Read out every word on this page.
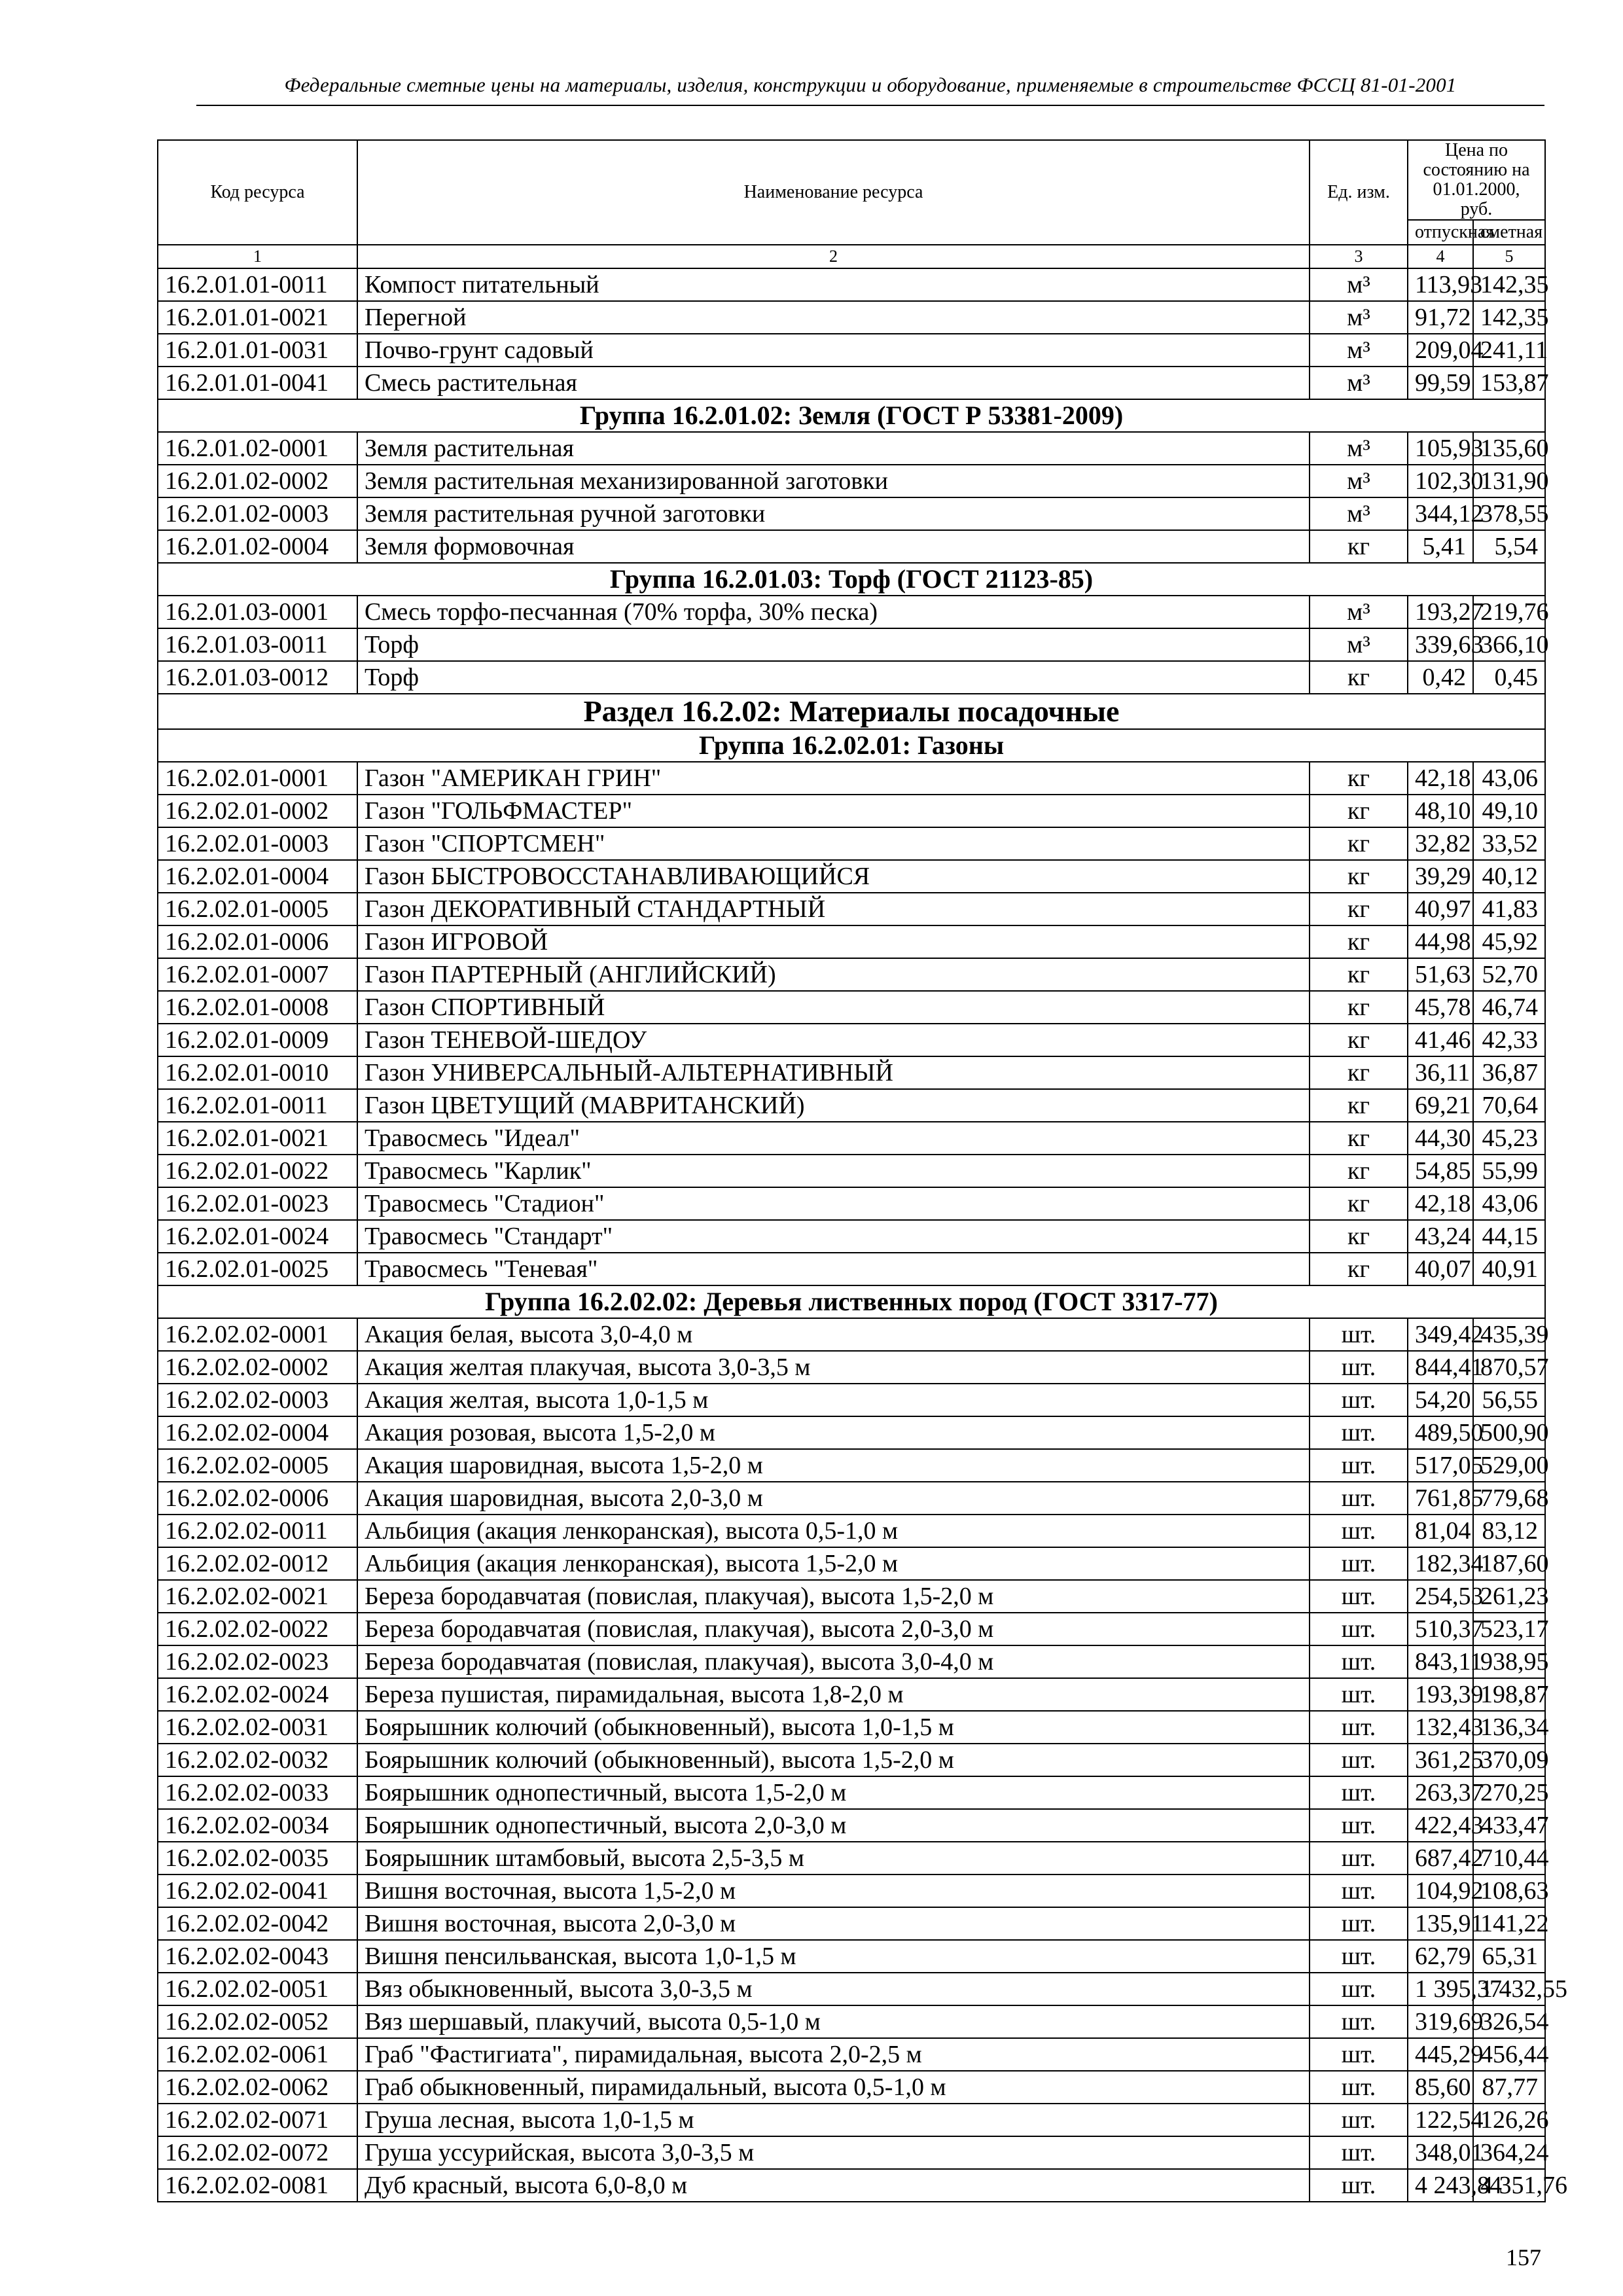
Федеральные сметные цены на материалы, изделия, конструкции и оборудование, применяемые в строительстве ФССЦ 81-01-2001
Код ресурса	Наименование ресурса	Ед. изм.	Цена по состоянию на 01.01.2000, руб.	

			отпускная	сметная
1	2	3	4	5
16.2.01.01-0011	Компост питательный	м³	113,93	142,35
16.2.01.01-0021	Перегной	м³	91,72	142,35
16.2.01.01-0031	Почво-грунт садовый	м³	209,04	241,11
16.2.01.01-0041	Смесь растительная	м³	99,59	153,87
Группа 16.2.01.02: Земля (ГОСТ Р 53381-2009)				
16.2.01.02-0001	Земля растительная	м³	105,93	135,60
16.2.01.02-0002	Земля растительная механизированной заготовки	м³	102,30	131,90
16.2.01.02-0003	Земля растительная ручной заготовки	м³	344,12	378,55
16.2.01.02-0004	Земля формовочная	кг	5,41	5,54
Группа 16.2.01.03: Торф (ГОСТ 21123-85)				
16.2.01.03-0001	Смесь торфо-песчанная (70% торфа, 30% песка)	м³	193,27	219,76
16.2.01.03-0011	Торф	м³	339,63	366,10
16.2.01.03-0012	Торф	кг	0,42	0,45
Раздел 16.2.02: Материалы посадочные				
Группа 16.2.02.01: Газоны				
16.2.02.01-0001	Газон "АМЕРИКАН ГРИН"	кг	42,18	43,06
16.2.02.01-0002	Газон "ГОЛЬФМАСТЕР"	кг	48,10	49,10
16.2.02.01-0003	Газон "СПОРТСМЕН"	кг	32,82	33,52
16.2.02.01-0004	Газон БЫСТРОВОССТАНАВЛИВАЮЩИЙСЯ	кг	39,29	40,12
16.2.02.01-0005	Газон ДЕКОРАТИВНЫЙ СТАНДАРТНЫЙ	кг	40,97	41,83
16.2.02.01-0006	Газон ИГРОВОЙ	кг	44,98	45,92
16.2.02.01-0007	Газон ПАРТЕРНЫЙ (АНГЛИЙСКИЙ)	кг	51,63	52,70
16.2.02.01-0008	Газон СПОРТИВНЫЙ	кг	45,78	46,74
16.2.02.01-0009	Газон ТЕНЕВОЙ-ШЕДОУ	кг	41,46	42,33
16.2.02.01-0010	Газон УНИВЕРСАЛЬНЫЙ-АЛЬТЕРНАТИВНЫЙ	кг	36,11	36,87
16.2.02.01-0011	Газон ЦВЕТУЩИЙ (МАВРИТАНСКИЙ)	кг	69,21	70,64
16.2.02.01-0021	Травосмесь "Идеал"	кг	44,30	45,23
16.2.02.01-0022	Травосмесь "Карлик"	кг	54,85	55,99
16.2.02.01-0023	Травосмесь "Стадион"	кг	42,18	43,06
16.2.02.01-0024	Травосмесь "Стандарт"	кг	43,24	44,15
16.2.02.01-0025	Травосмесь "Теневая"	кг	40,07	40,91
Группа 16.2.02.02: Деревья лиственных пород (ГОСТ 3317-77)				
16.2.02.02-0001	Акация белая, высота 3,0-4,0 м	шт.	349,42	435,39
16.2.02.02-0002	Акация желтая плакучая, высота 3,0-3,5 м	шт.	844,41	870,57
16.2.02.02-0003	Акация желтая, высота 1,0-1,5 м	шт.	54,20	56,55
16.2.02.02-0004	Акация розовая, высота 1,5-2,0 м	шт.	489,50	500,90
16.2.02.02-0005	Акация шаровидная, высота 1,5-2,0 м	шт.	517,05	529,00
16.2.02.02-0006	Акация шаровидная, высота 2,0-3,0 м	шт.	761,85	779,68
16.2.02.02-0011	Альбиция (акация ленкоранская), высота 0,5-1,0 м	шт.	81,04	83,12
16.2.02.02-0012	Альбиция (акация ленкоранская), высота 1,5-2,0 м	шт.	182,34	187,60
16.2.02.02-0021	Береза бородавчатая (повислая, плакучая), высота 1,5-2,0 м	шт.	254,53	261,23
16.2.02.02-0022	Береза бородавчатая (повислая, плакучая), высота 2,0-3,0 м	шт.	510,37	523,17
16.2.02.02-0023	Береза бородавчатая (повислая, плакучая), высота 3,0-4,0 м	шт.	843,11	938,95
16.2.02.02-0024	Береза пушистая, пирамидальная, высота 1,8-2,0 м	шт.	193,39	198,87
16.2.02.02-0031	Боярышник колючий (обыкновенный), высота 1,0-1,5 м	шт.	132,43	136,34
16.2.02.02-0032	Боярышник колючий (обыкновенный), высота 1,5-2,0 м	шт.	361,25	370,09
16.2.02.02-0033	Боярышник однопестичный, высота 1,5-2,0 м	шт.	263,37	270,25
16.2.02.02-0034	Боярышник однопестичный, высота 2,0-3,0 м	шт.	422,43	433,47
16.2.02.02-0035	Боярышник штамбовый, высота 2,5-3,5 м	шт.	687,42	710,44
16.2.02.02-0041	Вишня восточная, высота 1,5-2,0 м	шт.	104,92	108,63
16.2.02.02-0042	Вишня восточная, высота 2,0-3,0 м	шт.	135,91	141,22
16.2.02.02-0043	Вишня пенсильванская, высота 1,0-1,5 м	шт.	62,79	65,31
16.2.02.02-0051	Вяз обыкновенный, высота 3,0-3,5 м	шт.	1 395,37	1 432,55
16.2.02.02-0052	Вяз шершавый, плакучий, высота 0,5-1,0 м	шт.	319,69	326,54
16.2.02.02-0061	Граб "Фастигиата", пирамидальная, высота 2,0-2,5 м	шт.	445,29	456,44
16.2.02.02-0062	Граб обыкновенный, пирамидальный, высота 0,5-1,0 м	шт.	85,60	87,77
16.2.02.02-0071	Груша лесная, высота 1,0-1,5 м	шт.	122,54	126,26
16.2.02.02-0072	Груша уссурийская, высота 3,0-3,5 м	шт.	348,01	364,24
16.2.02.02-0081	Дуб красный, высота 6,0-8,0 м	шт.	4 243,84	4 351,76
157
